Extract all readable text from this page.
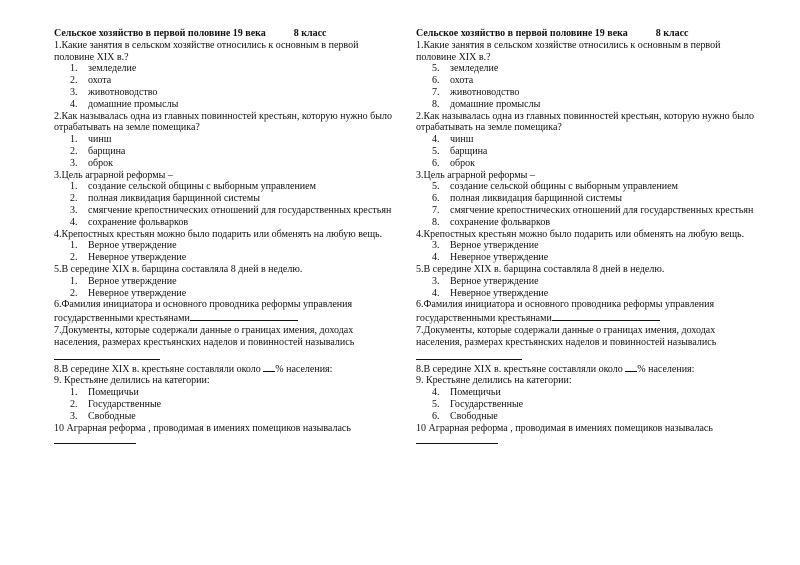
Сельское хозяйство в первой половине 19 века	8 класс
1.Какие занятия в сельском хозяйстве относились к основным в первой половине XIX в.?
1.	земледелие
2.	охота
3.	животноводство
4.	домашние промыслы
2.Как называлась одна из главных повинностей крестьян, которую нужно было отрабатывать на земле помещика?
1.	чинш
2.	барщина
3.	оброк
3.Цель аграрной реформы –
1.	создание сельской общины с выборным управлением
2.	полная ликвидация барщинной системы
3.	смягчение крепостнических отношений для государственных крестьян
4.	сохранение фольварков
4.Крепостных крестьян можно было подарить или обменять на любую вещь.
1.	Верное утверждение
2.	Неверное утверждение
5.В середине XIX в. барщина составляла 8 дней в неделю.
1.	Верное утверждение
2.	Неверное утверждение
6.Фамилия инициатора и основного проводника реформы управления государственными крестьянами
7.Документы, которые содержали данные о границах имения, доходах населения, размерах крестьянских наделов и повинностей назывались
8.В середине XIX в. крестьяне составляли около % населения:
9. Крестьяне делились на категории:
1.	Помещичьи
2.	Государственные
3.	Свободные
10 Аграрная реформа , проводимая в имениях помещиков называлась
Сельское хозяйство в первой половине 19 века	8 класс
1.Какие занятия в сельском хозяйстве относились к основным в первой половине XIX в.?
5.	земледелие
6.	охота
7.	животноводство
8.	домашние промыслы
2.Как называлась одна из главных повинностей крестьян, которую нужно было отрабатывать на земле помещика?
4.	чинш
5.	барщина
6.	оброк
3.Цель аграрной реформы –
5.	создание сельской общины с выборным управлением
6.	полная ликвидация барщинной системы
7.	смягчение крепостнических отношений для государственных крестьян
8.	сохранение фольварков
4.Крепостных крестьян можно было подарить или обменять на любую вещь.
3.	Верное утверждение
4.	Неверное утверждение
5.В середине XIX в. барщина составляла 8 дней в неделю.
3.	Верное утверждение
4.	Неверное утверждение
6.Фамилия инициатора и основного проводника реформы управления государственными крестьянами
7.Документы, которые содержали данные о границах имения, доходах населения, размерах крестьянских наделов и повинностей назывались
8.В середине XIX в. крестьяне составляли около % населения:
9. Крестьяне делились на категории:
4.	Помещичьи
5.	Государственные
6.	Свободные
10 Аграрная реформа , проводимая в имениях помещиков называлась
